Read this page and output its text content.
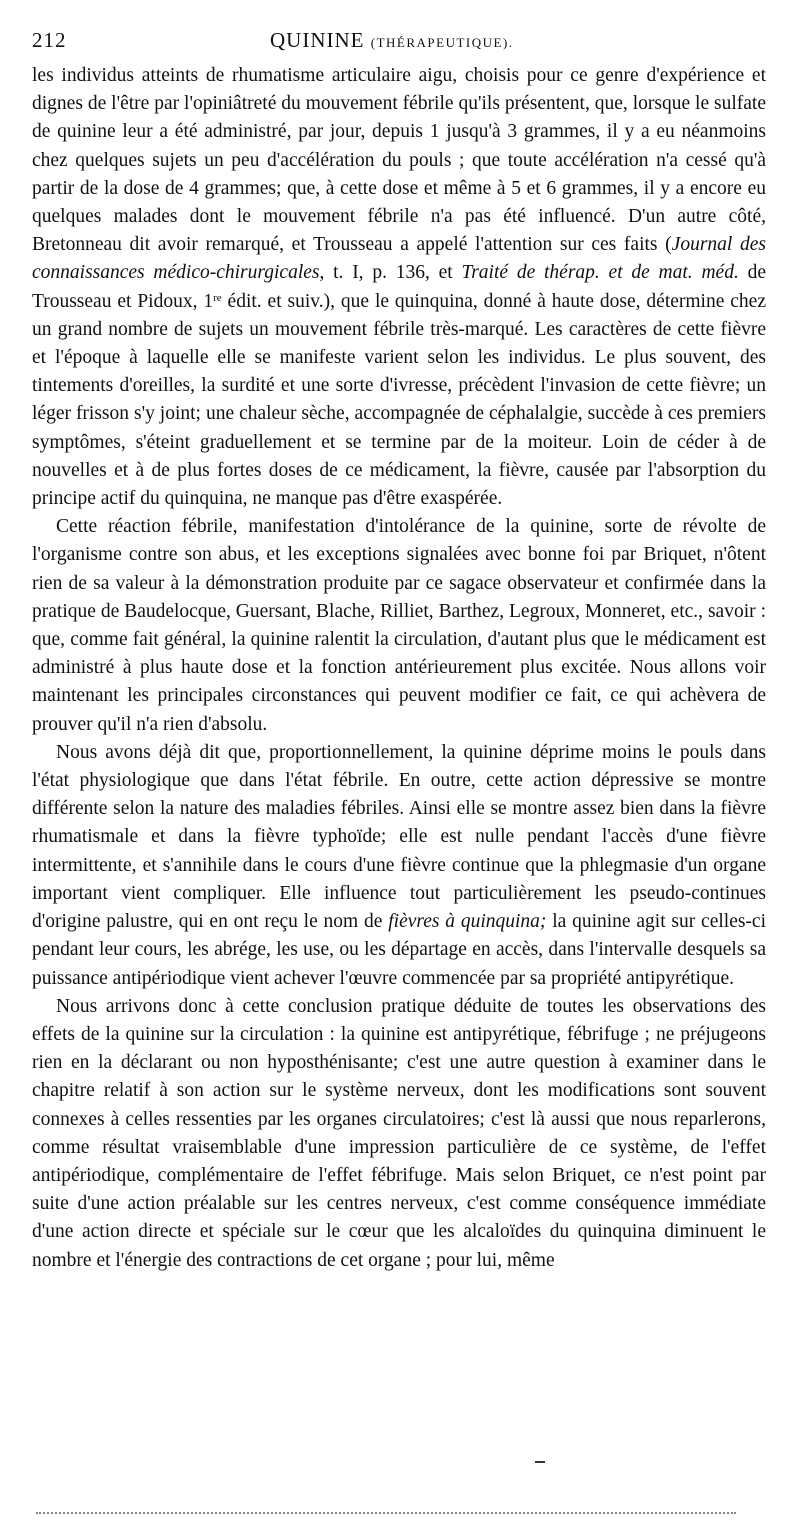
212	QUININE (THÉRAPEUTIQUE).

les individus atteints de rhumatisme articulaire aigu, choisis pour ce genre d'expérience et dignes de l'être par l'opiniâtreté du mouvement fébrile qu'ils présentent, que, lorsque le sulfate de quinine leur a été administré, par jour, depuis 1 jusqu'à 3 grammes, il y a eu néanmoins chez quelques sujets un peu d'accélération du pouls ; que toute accélération n'a cessé qu'à partir de la dose de 4 grammes; que, à cette dose et même à 5 et 6 grammes, il y a encore eu quelques malades dont le mouvement fébrile n'a pas été influencé. D'un autre côté, Bretonneau dit avoir remarqué, et Trousseau a appelé l'attention sur ces faits (Journal des connaissances médico-chirurgicales, t. I, p. 136, et Traité de thérap. et de mat. méd. de Trousseau et Pidoux, 1re édit. et suiv.), que le quinquina, donné à haute dose, détermine chez un grand nombre de sujets un mouvement fébrile très-marqué. Les caractères de cette fièvre et l'époque à laquelle elle se manifeste varient selon les individus. Le plus souvent, des tintements d'oreilles, la surdité et une sorte d'ivresse, précèdent l'invasion de cette fièvre; un léger frisson s'y joint; une chaleur sèche, accompagnée de céphalalgie, succède à ces premiers symptômes, s'éteint graduellement et se termine par de la moiteur. Loin de céder à de nouvelles et à de plus fortes doses de ce médicament, la fièvre, causée par l'absorption du principe actif du quinquina, ne manque pas d'être exaspérée.

Cette réaction fébrile, manifestation d'intolérance de la quinine, sorte de révolte de l'organisme contre son abus, et les exceptions signalées avec bonne foi par Briquet, n'ôtent rien de sa valeur à la démonstration produite par ce sagace observateur et confirmée dans la pratique de Baudelocque, Guersant, Blache, Rilliet, Barthez, Legroux, Monneret, etc., savoir : que, comme fait général, la quinine ralentit la circulation, d'autant plus que le médicament est administré à plus haute dose et la fonction antérieurement plus excitée. Nous allons voir maintenant les principales circonstances qui peuvent modifier ce fait, ce qui achèvera de prouver qu'il n'a rien d'absolu.

Nous avons déjà dit que, proportionnellement, la quinine déprime moins le pouls dans l'état physiologique que dans l'état fébrile. En outre, cette action dépressive se montre différente selon la nature des maladies fébriles. Ainsi elle se montre assez bien dans la fièvre rhumatismale et dans la fièvre typhoïde; elle est nulle pendant l'accès d'une fièvre intermittente, et s'annihile dans le cours d'une fièvre continue que la phlegmasie d'un organe important vient compliquer. Elle influence tout particulièrement les pseudo-continues d'origine palustre, qui en ont reçu le nom de fièvres à quinquina; la quinine agit sur celles-ci pendant leur cours, les abrége, les use, ou les départage en accès, dans l'intervalle desquels sa puissance antipériodique vient achever l'œuvre commencée par sa propriété antipyrétique.

Nous arrivons donc à cette conclusion pratique déduite de toutes les observations des effets de la quinine sur la circulation : la quinine est antipyrétique, fébrifuge ; ne préjugeons rien en la déclarant ou non hyposthénisante; c'est une autre question à examiner dans le chapitre relatif à son action sur le système nerveux, dont les modifications sont souvent connexes à celles ressenties par les organes circulatoires; c'est là aussi que nous reparlerons, comme résultat vraisemblable d'une impression particulière de ce système, de l'effet antipériodique, complémentaire de l'effet fébrifuge. Mais selon Briquet, ce n'est point par suite d'une action préalable sur les centres nerveux, c'est comme conséquence immédiate d'une action directe et spéciale sur le cœur que les alcaloïdes du quinquina diminuent le nombre et l'énergie des contractions de cet organe ; pour lui, même
